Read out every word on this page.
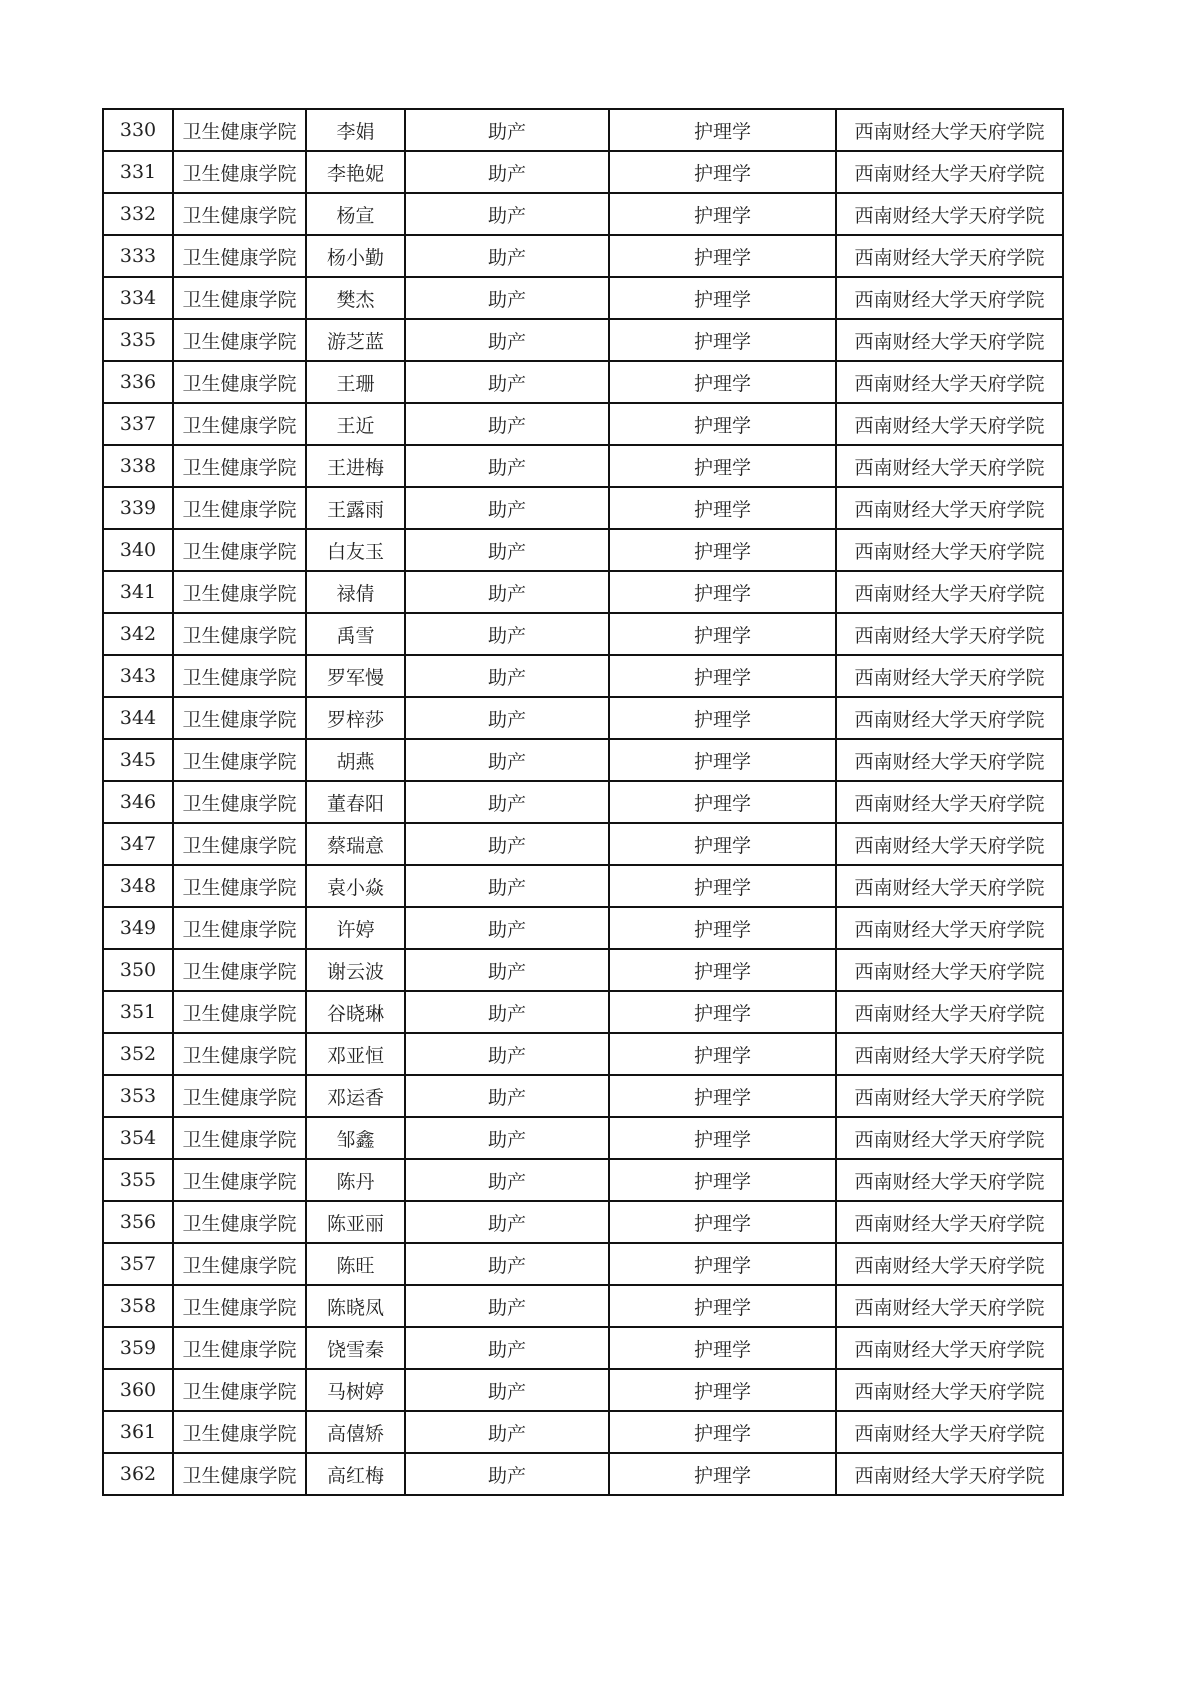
330	卫生健康学院	李娟	助产	护理学	西南财经大学天府学院
331	卫生健康学院	李艳妮	助产	护理学	西南财经大学天府学院
332	卫生健康学院	杨宣	助产	护理学	西南财经大学天府学院
333	卫生健康学院	杨小勤	助产	护理学	西南财经大学天府学院
334	卫生健康学院	樊杰	助产	护理学	西南财经大学天府学院
335	卫生健康学院	游芝蓝	助产	护理学	西南财经大学天府学院
336	卫生健康学院	王珊	助产	护理学	西南财经大学天府学院
337	卫生健康学院	王近	助产	护理学	西南财经大学天府学院
338	卫生健康学院	王进梅	助产	护理学	西南财经大学天府学院
339	卫生健康学院	王露雨	助产	护理学	西南财经大学天府学院
340	卫生健康学院	白友玉	助产	护理学	西南财经大学天府学院
341	卫生健康学院	禄倩	助产	护理学	西南财经大学天府学院
342	卫生健康学院	禹雪	助产	护理学	西南财经大学天府学院
343	卫生健康学院	罗军慢	助产	护理学	西南财经大学天府学院
344	卫生健康学院	罗梓莎	助产	护理学	西南财经大学天府学院
345	卫生健康学院	胡燕	助产	护理学	西南财经大学天府学院
346	卫生健康学院	董春阳	助产	护理学	西南财经大学天府学院
347	卫生健康学院	蔡瑞意	助产	护理学	西南财经大学天府学院
348	卫生健康学院	袁小焱	助产	护理学	西南财经大学天府学院
349	卫生健康学院	许婷	助产	护理学	西南财经大学天府学院
350	卫生健康学院	谢云波	助产	护理学	西南财经大学天府学院
351	卫生健康学院	谷晓琳	助产	护理学	西南财经大学天府学院
352	卫生健康学院	邓亚恒	助产	护理学	西南财经大学天府学院
353	卫生健康学院	邓运香	助产	护理学	西南财经大学天府学院
354	卫生健康学院	邹鑫	助产	护理学	西南财经大学天府学院
355	卫生健康学院	陈丹	助产	护理学	西南财经大学天府学院
356	卫生健康学院	陈亚丽	助产	护理学	西南财经大学天府学院
357	卫生健康学院	陈旺	助产	护理学	西南财经大学天府学院
358	卫生健康学院	陈晓凤	助产	护理学	西南财经大学天府学院
359	卫生健康学院	饶雪秦	助产	护理学	西南财经大学天府学院
360	卫生健康学院	马树婷	助产	护理学	西南财经大学天府学院
361	卫生健康学院	高僖矫	助产	护理学	西南财经大学天府学院
362	卫生健康学院	高红梅	助产	护理学	西南财经大学天府学院
